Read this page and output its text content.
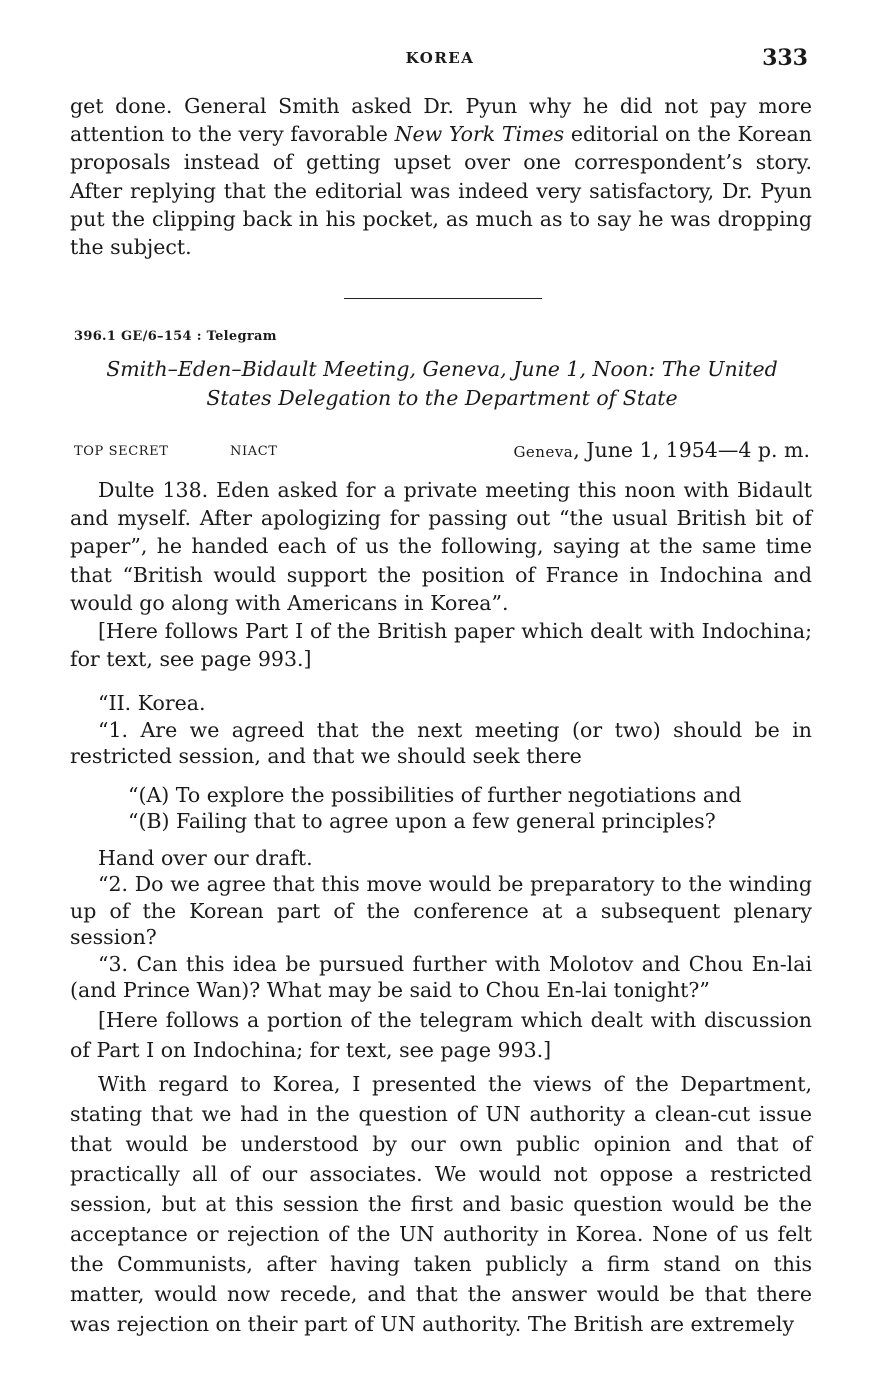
KOREA	333

get done. General Smith asked Dr. Pyun why he did not pay more attention to the very favorable New York Times editorial on the Korean proposals instead of getting upset over one correspondent’s story. After replying that the editorial was indeed very satisfactory, Dr. Pyun put the clipping back in his pocket, as much as to say he was dropping the subject.

396.1 GE/6–154 : Telegram
Smith–Eden–Bidault Meeting, Geneva, June 1, Noon: The United States Delegation to the Department of State
TOP SECRET	NIACT	Geneva, June 1, 1954—4 p. m.

Dulte 138. Eden asked for a private meeting this noon with Bidault and myself. After apologizing for passing out “the usual British bit of paper”, he handed each of us the following, saying at the same time that “British would support the position of France in Indochina and would go along with Americans in Korea”.

[Here follows Part I of the British paper which dealt with Indochina; for text, see page 993.]

“II. Korea.

“1. Are we agreed that the next meeting (or two) should be in restricted session, and that we should seek there

“(A) To explore the possibilities of further negotiations and

“(B) Failing that to agree upon a few general principles?

Hand over our draft.

“2. Do we agree that this move would be preparatory to the winding up of the Korean part of the conference at a subsequent plenary session?

“3. Can this idea be pursued further with Molotov and Chou En-lai (and Prince Wan)? What may be said to Chou En-lai tonight?”

[Here follows a portion of the telegram which dealt with discussion of Part I on Indochina; for text, see page 993.]

With regard to Korea, I presented the views of the Department, stating that we had in the question of UN authority a clean-cut issue that would be understood by our own public opinion and that of practically all of our associates. We would not oppose a restricted session, but at this session the first and basic question would be the acceptance or rejection of the UN authority in Korea. None of us felt the Communists, after having taken publicly a firm stand on this matter, would now recede, and that the answer would be that there was rejection on their part of UN authority. The British are extremely
